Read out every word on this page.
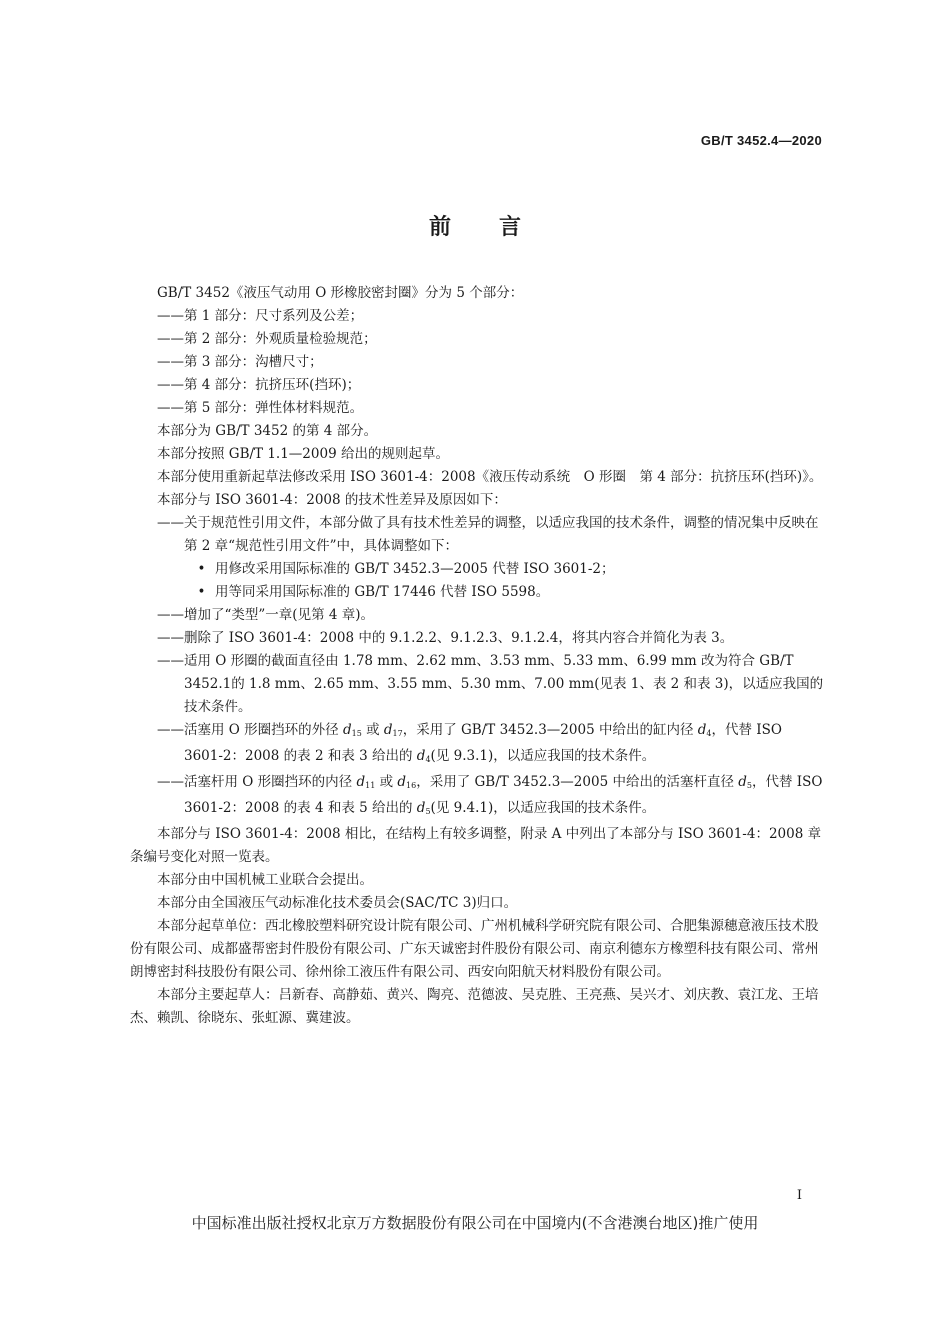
GB/T 3452.4—2020
前言

GB/T 3452《液压气动用 O 形橡胶密封圈》分为 5 个部分：

——第 1 部分：尺寸系列及公差；

——第 2 部分：外观质量检验规范；

——第 3 部分：沟槽尺寸；

——第 4 部分：抗挤压环(挡环)；

——第 5 部分：弹性体材料规范。

本部分为 GB/T 3452 的第 4 部分。

本部分按照 GB/T 1.1—2009 给出的规则起草。

本部分使用重新起草法修改采用 ISO 3601-4：2008《液压传动系统　O 形圈　第 4 部分：抗挤压环(挡环)》。

本部分与 ISO 3601-4：2008 的技术性差异及原因如下：

——关于规范性引用文件，本部分做了具有技术性差异的调整，以适应我国的技术条件，调整的情况集中反映在第 2 章“规范性引用文件”中，具体调整如下：

• 用修改采用国际标准的 GB/T 3452.3—2005 代替 ISO 3601-2；

• 用等同采用国际标准的 GB/T 17446 代替 ISO 5598。

——增加了“类型”一章(见第 4 章)。

——删除了 ISO 3601-4：2008 中的 9.1.2.2、9.1.2.3、9.1.2.4，将其内容合并简化为表 3。

——适用 O 形圈的截面直径由 1.78 mm、2.62 mm、3.53 mm、5.33 mm、6.99 mm 改为符合 GB/T 3452.1的 1.8 mm、2.65 mm、3.55 mm、5.30 mm、7.00 mm(见表 1、表 2 和表 3)，以适应我国的技术条件。

——活塞用 O 形圈挡环的外径 $d_{15}$ 或 $d_{17}$，采用了 GB/T 3452.3—2005 中给出的缸内径 $d_4$，代替 ISO 3601-2：2008 的表 2 和表 3 给出的 $d_4$(见 9.3.1)，以适应我国的技术条件。

——活塞杆用 O 形圈挡环的内径 $d_{11}$ 或 $d_{16}$，采用了 GB/T 3452.3—2005 中给出的活塞杆直径 $d_5$，代替 ISO 3601-2：2008 的表 4 和表 5 给出的 $d_5$(见 9.4.1)，以适应我国的技术条件。

本部分与 ISO 3601-4：2008 相比，在结构上有较多调整，附录 A 中列出了本部分与 ISO 3601-4：2008 章条编号变化对照一览表。

本部分由中国机械工业联合会提出。

本部分由全国液压气动标准化技术委员会(SAC/TC 3)归口。

本部分起草单位：西北橡胶塑料研究设计院有限公司、广州机械科学研究院有限公司、合肥集源穗意液压技术股份有限公司、成都盛帮密封件股份有限公司、广东天诚密封件股份有限公司、南京利德东方橡塑科技有限公司、常州朗博密封科技股份有限公司、徐州徐工液压件有限公司、西安向阳航天材料股份有限公司。

本部分主要起草人：吕新春、高静茹、黄兴、陶亮、范德波、吴克胜、王亮燕、吴兴才、刘庆教、袁江龙、王培杰、赖凯、徐晓东、张虹源、冀建波。

I
中国标准出版社授权北京万方数据股份有限公司在中国境内(不含港澳台地区)推广使用
